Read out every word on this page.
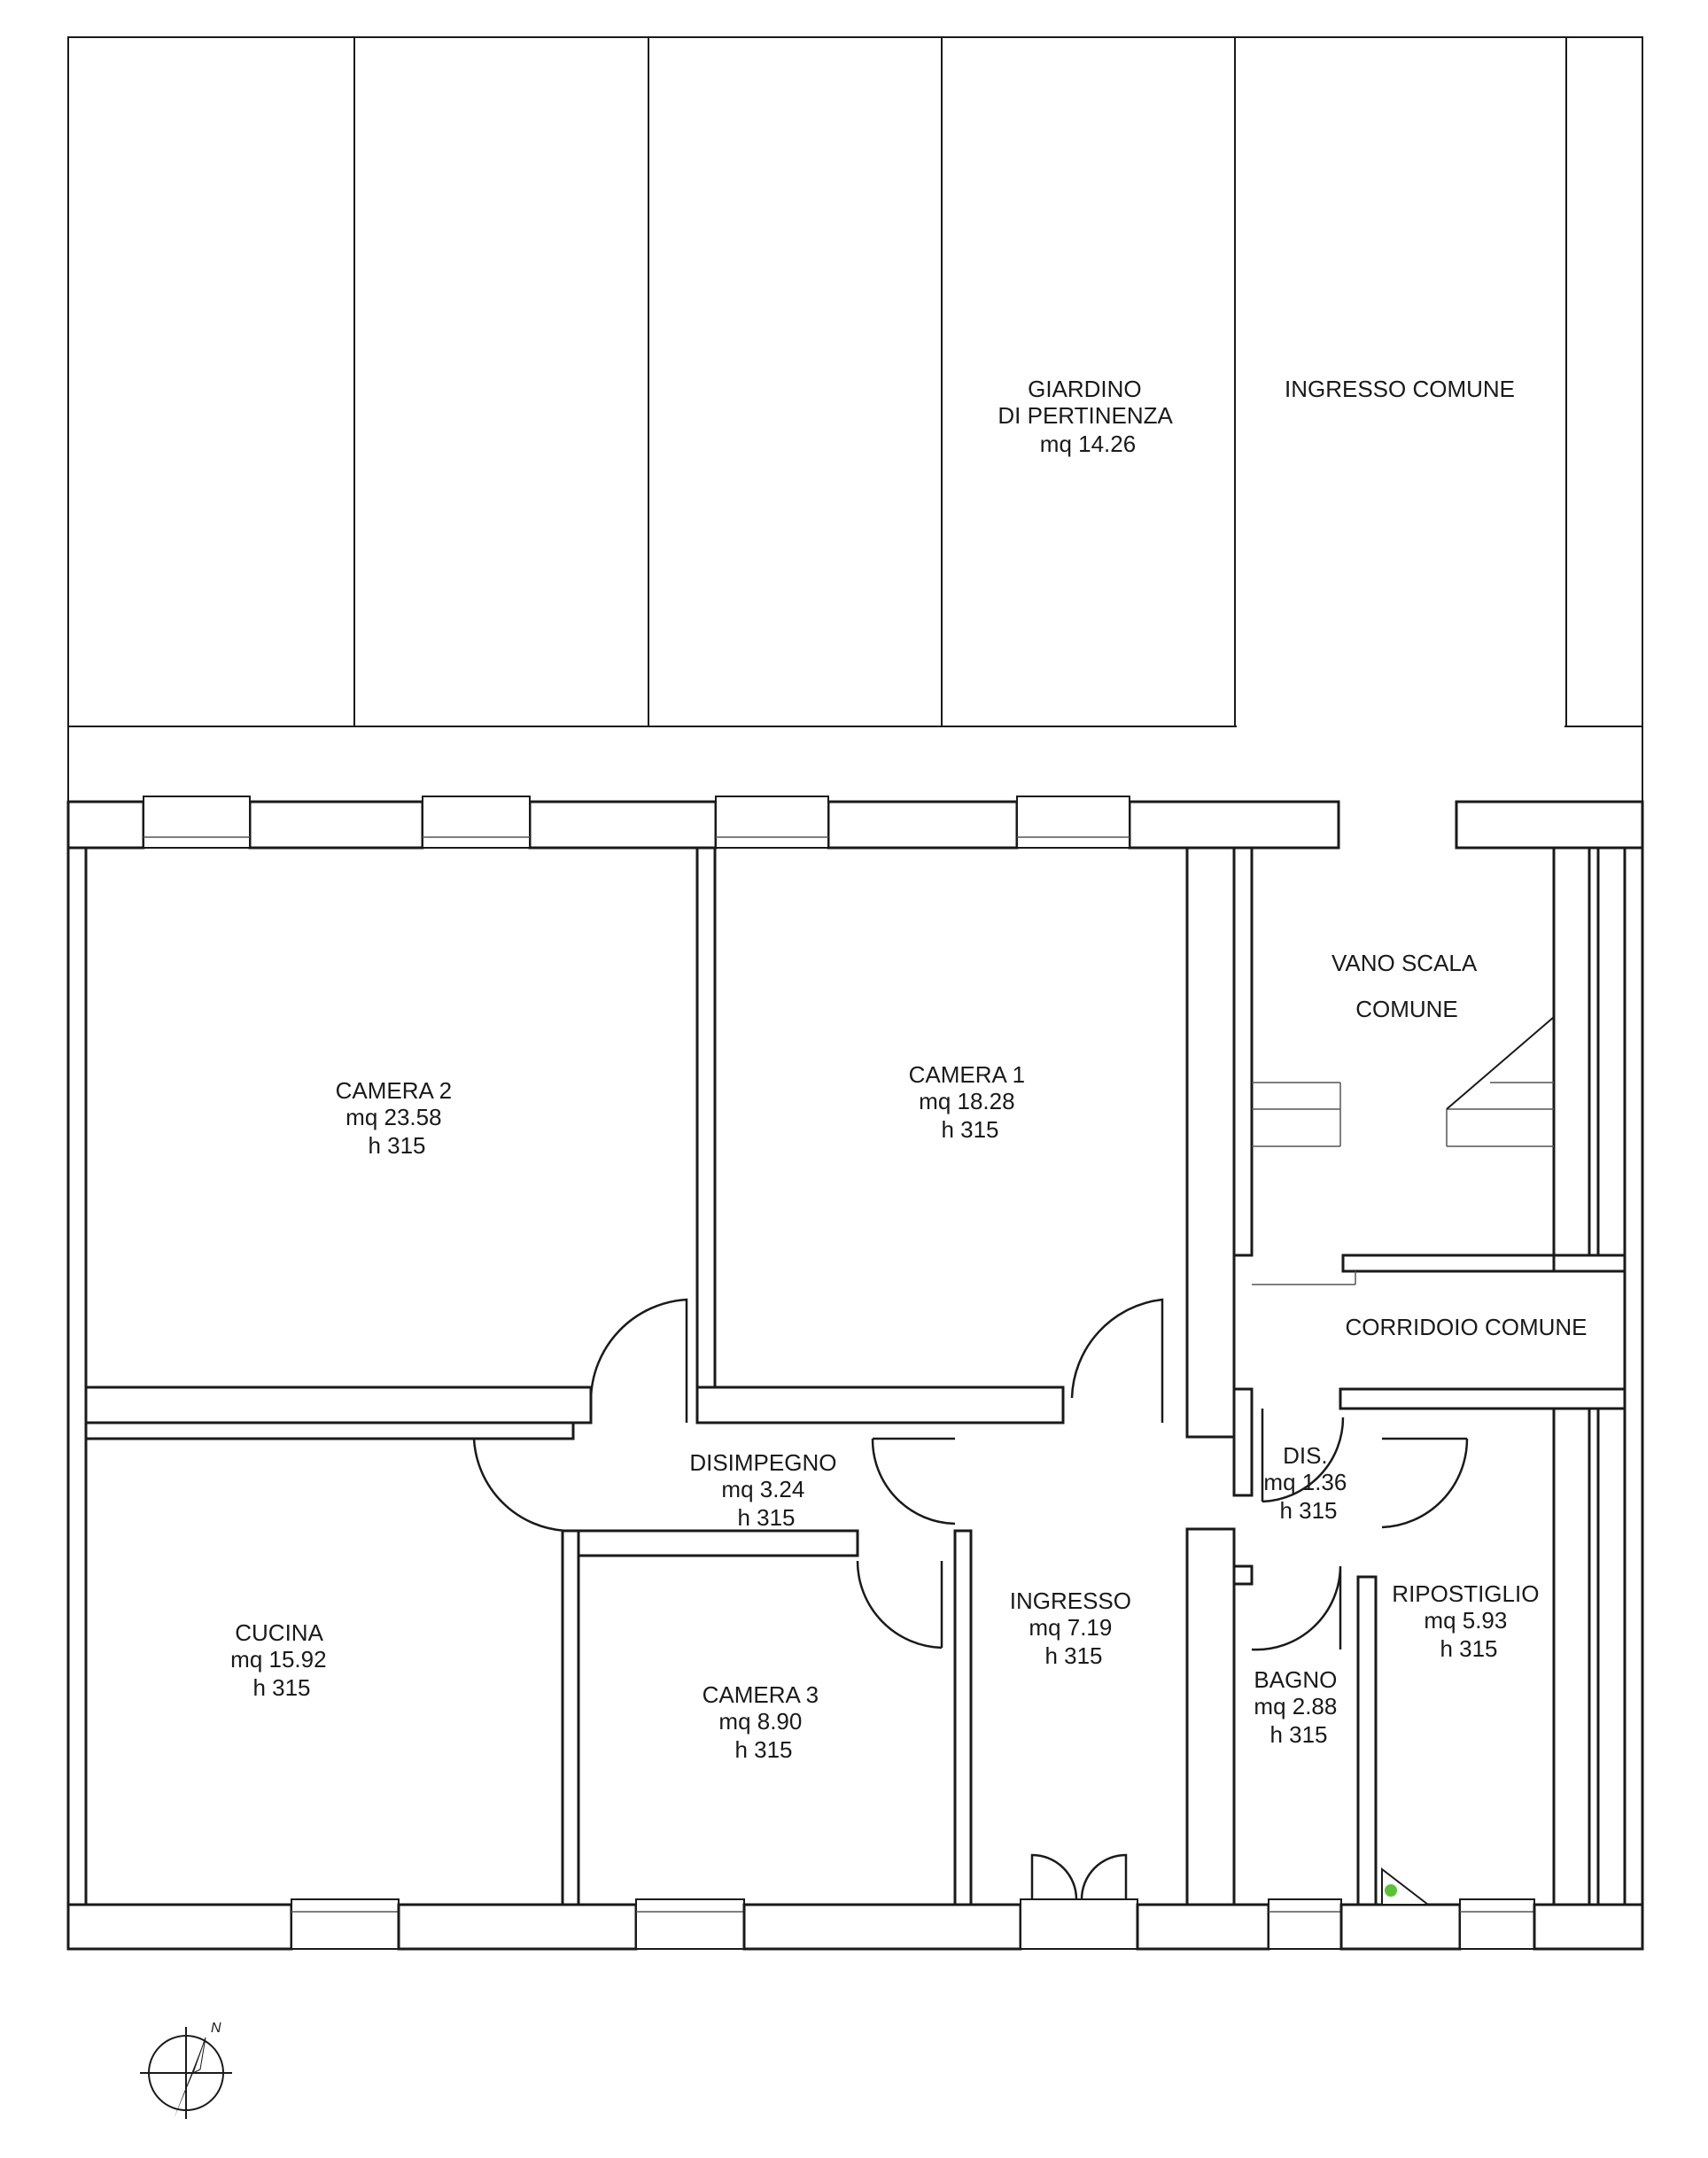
GIARDINO DI PERTINENZA mq 14.26
INGRESSO COMUNE
VANO SCALA COMUNE
CAMERA 2 mq 23.58 h 315
CAMERA 1 mq 18.28 h 315
CORRIDOIO COMUNE
DISIMPEGNO mq 3.24 h 315
DIS. mq 1.36 h 315
INGRESSO mq 7.19 h 315
RIPOSTIGLIO mq 5.93 h 315
CUCINA mq 15.92 h 315	CAMERA 3 mq 8.90 h 315
BAGNO mq 2.88 h 315
N
